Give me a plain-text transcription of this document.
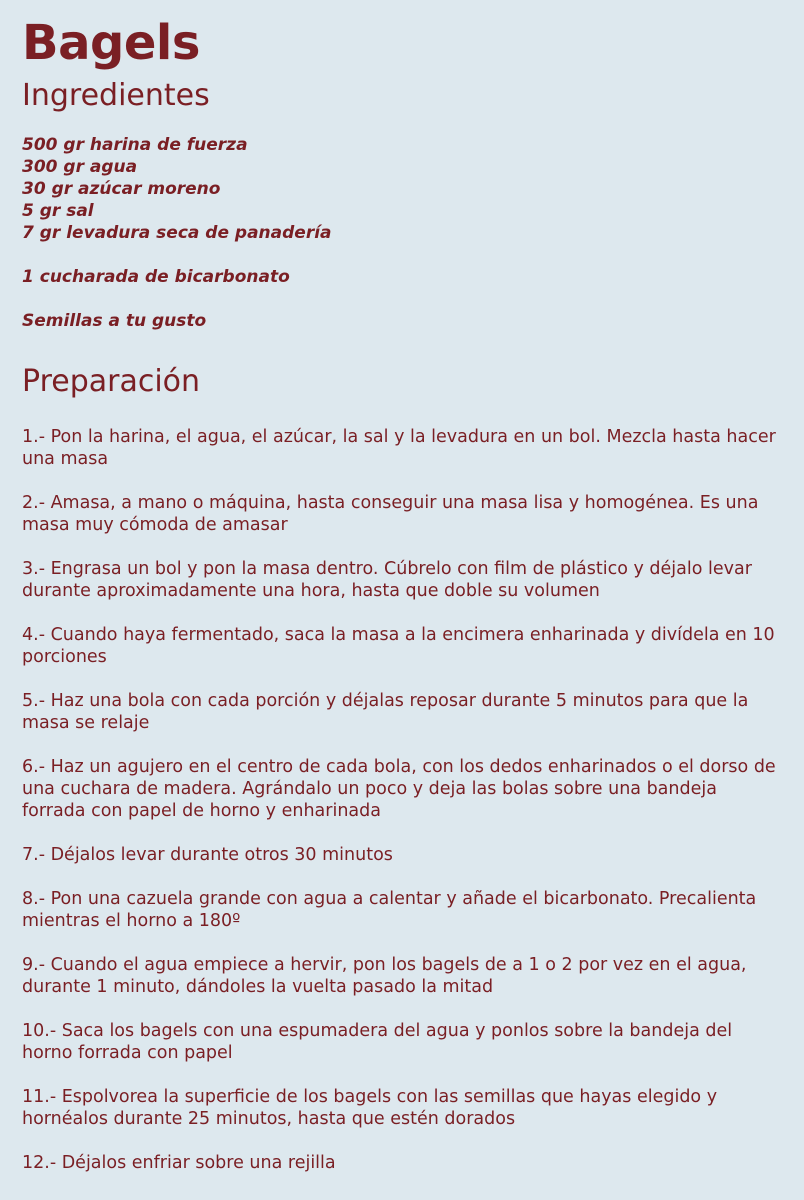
Bagels
Ingredientes
500 gr harina de fuerza
300 gr agua
30 gr azúcar moreno
5 gr sal
7 gr levadura seca de panadería
1 cucharada de bicarbonato
Semillas a tu gusto
Preparación

1.- Pon la harina, el agua, el azúcar, la sal y la levadura en un bol. Mezcla hasta hacer una masa

2.- Amasa, a mano o máquina, hasta conseguir una masa lisa y homogénea. Es una masa muy cómoda de amasar

3.- Engrasa un bol y pon la masa dentro. Cúbrelo con film de plástico y déjalo levar durante aproximadamente una hora, hasta que doble su volumen

4.- Cuando haya fermentado, saca la masa a la encimera enharinada y divídela en 10 porciones

5.- Haz una bola con cada porción y déjalas reposar durante 5 minutos para que la masa se relaje

6.- Haz un agujero en el centro de cada bola, con los dedos enharinados o el dorso de una cuchara de madera. Agrándalo un poco y deja las bolas sobre una bandeja forrada con papel de horno y enharinada

7.- Déjalos levar durante otros 30 minutos

8.- Pon una cazuela grande con agua a calentar y añade el bicarbonato. Precalienta mientras el horno a 180º

9.- Cuando el agua empiece a hervir, pon los bagels de a 1 o 2 por vez en el agua, durante 1 minuto, dándoles la vuelta pasado la mitad

10.- Saca los bagels con una espumadera del agua y ponlos sobre la bandeja del horno forrada con papel

11.- Espolvorea la superficie de los bagels con las semillas que hayas elegido y hornéalos durante 25 minutos, hasta que estén dorados

12.- Déjalos enfriar sobre una rejilla
